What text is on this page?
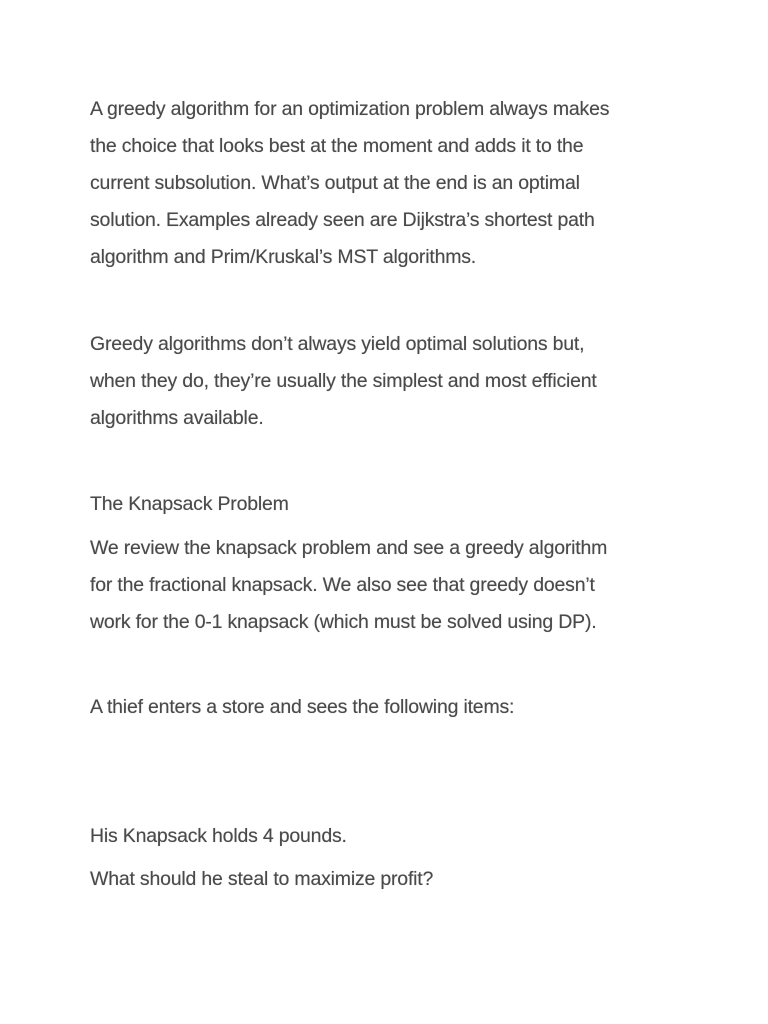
A greedy algorithm for an optimization problem always makes
the choice that looks best at the moment and adds it to the
current subsolution. What’s output at the end is an optimal
solution. Examples already seen are Dijkstra’s shortest path
algorithm and Prim/Kruskal’s MST algorithms.
Greedy algorithms don’t always yield optimal solutions but,
when they do, they’re usually the simplest and most efficient
algorithms available.
The Knapsack Problem
We review the knapsack problem and see a greedy algorithm
for the fractional knapsack. We also see that greedy doesn’t
work for the 0-1 knapsack (which must be solved using DP).
A thief enters a store and sees the following items:
His Knapsack holds 4 pounds.
What should he steal to maximize profit?
